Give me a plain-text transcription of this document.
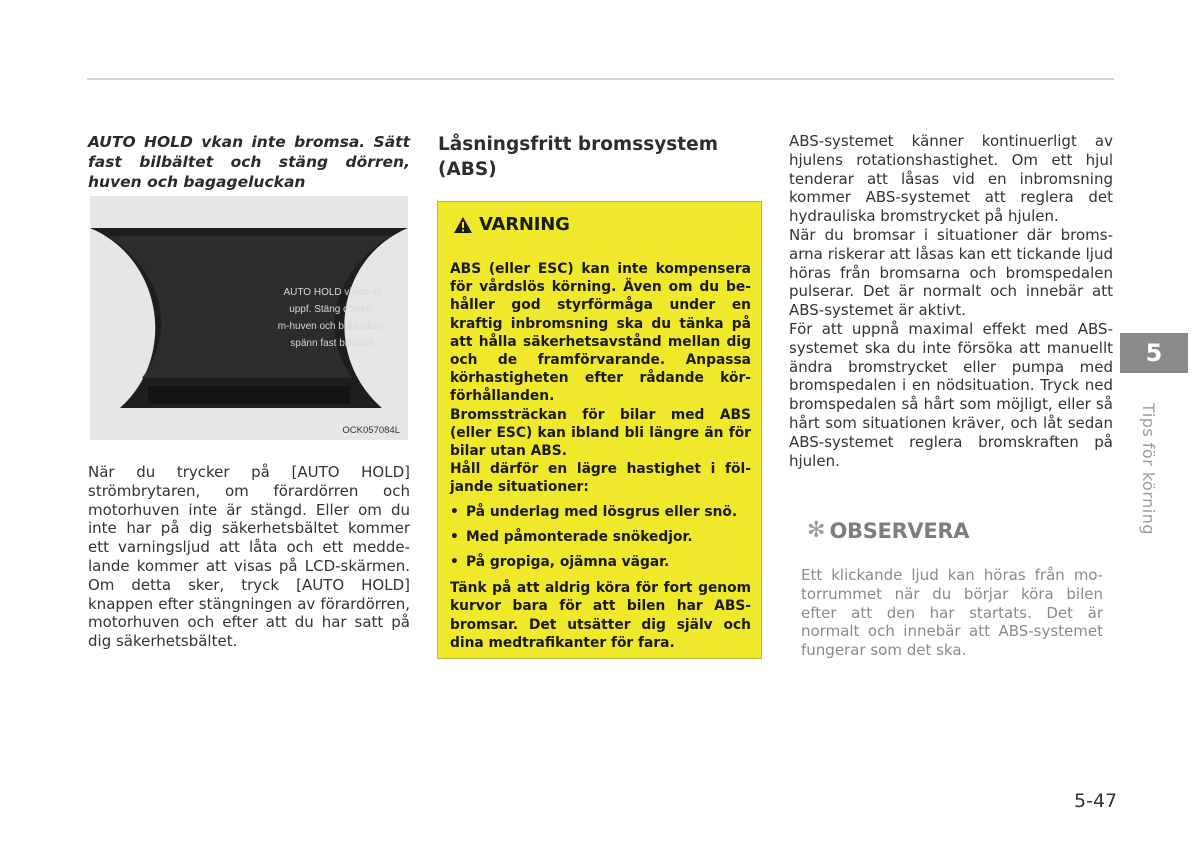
AUTO HOLD vkan inte bromsa. Sätt fast bilbältet och stäng dörren, huven och bagageluckan
AUTO HOLD villkor ej
uppf. Stäng dörren,
m-huven och bakluckan,
spänn fast bilbältet
OCK057084L
När du trycker på [AUTO HOLD] strömbrytaren, om förardörren och motorhuven inte är stängd. Eller om du inte har på dig säkerhetsbältet kommer ett varningsljud att låta och ett meddelande kommer att visas på LCD-skärmen. Om detta sker, tryck [AUTO HOLD] knappen efter stängningen av förardörren, motorhuven och efter att du har satt på dig säkerhetsbältet.
Låsningsfritt bromssystem (ABS)
VARNING

ABS (eller ESC) kan inte kompensera för vårdslös körning. Även om du behåller god styrförmåga under en kraftig inbromsning ska du tänka på att hålla säkerhetsavstånd mellan dig och de framförvarande. Anpassa körhastigheten efter rådande körförhållanden.

Bromssträckan för bilar med ABS (eller ESC) kan ibland bli längre än för bilar utan ABS.

Håll därför en lägre hastighet i följande situationer:

• På underlag med lösgrus eller snö.
• Med påmonterade snökedjor.
• På gropiga, ojämna vägar.

Tänk på att aldrig köra för fort genom kurvor bara för att bilen har ABS-bromsar. Det utsätter dig själv och dina medtrafikanter för fara.

ABS-systemet känner kontinuerligt av hjulens rotationshastighet. Om ett hjul tenderar att låsas vid en inbromsning kommer ABS-systemet att reglera det hydrauliska bromstrycket på hjulen.
När du bromsar i situationer där bromsarna riskerar att låsas kan ett tickande ljud höras från bromsarna och bromspedalen pulserar. Det är normalt och innebär att ABS-systemet är aktivt.
För att uppnå maximal effekt med ABS-systemet ska du inte försöka att manuellt ändra bromstrycket eller pumpa med bromspedalen i en nödsituation. Tryck ned bromspedalen så hårt som möjligt, eller så hårt som situationen kräver, och låt sedan ABS-systemet reglera bromskraften på hjulen.
✻ OBSERVERA
Ett klickande ljud kan höras från motorrummet när du börjar köra bilen efter att den har startats. Det är normalt och innebär att ABS-systemet fungerar som det ska.
5
Tips för körning
5-47
